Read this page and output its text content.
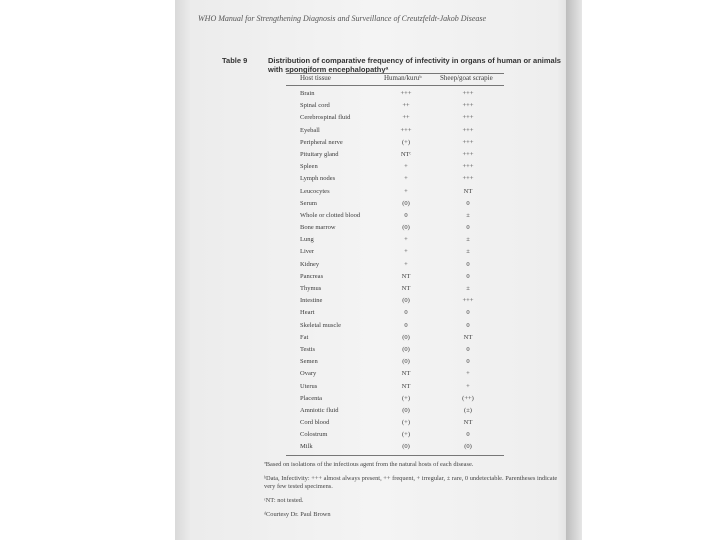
WHO Manual for Strengthening Diagnosis and Surveillance of Creutzfeldt-Jakob Disease
Table 9	Distribution of comparative frequency of infectivity in organs of human or animals with spongiform encephalopathyª
Host tissue	Human/kuruᵇ	Sheep/goat scrapie
Brain	+++	+++
Spinal cord	++	+++
Cerebrospinal fluid	++	+++
Eyeball	+++	+++
Peripheral nerve	(+)	+++
Pituitary gland	NTᶜ	+++
Spleen	+	+++
Lymph nodes	+	+++
Leucocytes	+	NT
Serum	(0)	0
Whole or clotted blood	0	±
Bone marrow	(0)	0
Lung	+	±
Liver	+	±
Kidney	+	0
Pancreas	NT	0
Thymus	NT	±
Intestine	(0)	+++
Heart	0	0
Skeletal muscle	0	0
Fat	(0)	NT
Testis	(0)	0
Semen	(0)	0
Ovary	NT	+
Uterus	NT	+
Placenta	(+)	(++)
Amniotic fluid	(0)	(±)
Cord blood	(+)	NT
Colostrum	(+)	0
Milk	(0)	(0)
ªBased on isolations of the infectious agent from the natural hosts of each disease.
ᵇData, Infectivity: +++ almost always present, ++ frequent, + irregular, ± rare, 0 undetectable. Parentheses indicate very few tested specimens.
ᶜNT: not tested.
ᵈCourtesy Dr. Paul Brown
